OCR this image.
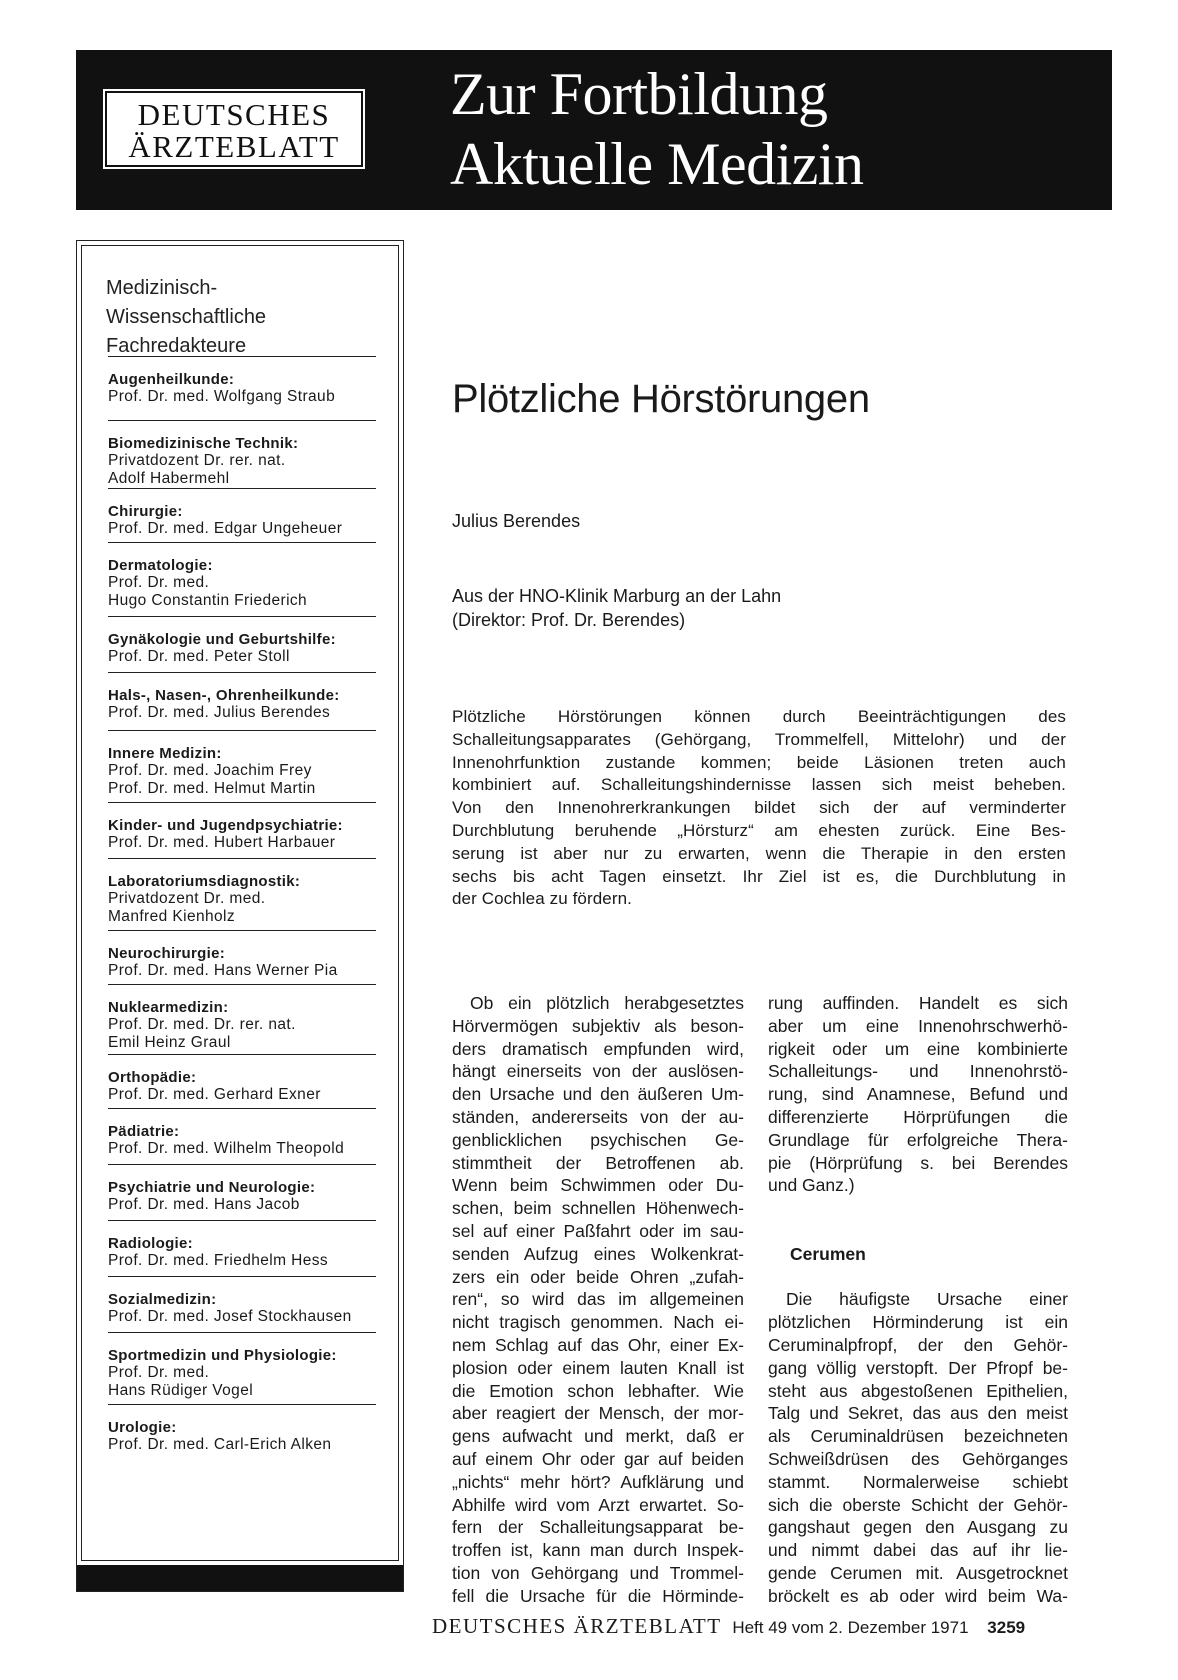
DEUTSCHES
ÄRZTEBLATT
Zur Fortbildung
Aktuelle Medizin
Medizinisch-
Wissenschaftliche
Fachredakteure
Augenheilkunde:
Prof. Dr. med. Wolfgang Straub
Biomedizinische Technik:
Privatdozent Dr. rer. nat.
Adolf Habermehl
Chirurgie:
Prof. Dr. med. Edgar Ungeheuer
Dermatologie:
Prof. Dr. med.
Hugo Constantin Friederich
Gynäkologie und Geburtshilfe:
Prof. Dr. med. Peter Stoll
Hals-, Nasen-, Ohrenheilkunde:
Prof. Dr. med. Julius Berendes
Innere Medizin:
Prof. Dr. med. Joachim Frey
Prof. Dr. med. Helmut Martin
Kinder- und Jugendpsychiatrie:
Prof. Dr. med. Hubert Harbauer
Laboratoriumsdiagnostik:
Privatdozent Dr. med.
Manfred Kienholz
Neurochirurgie:
Prof. Dr. med. Hans Werner Pia
Nuklearmedizin:
Prof. Dr. med. Dr. rer. nat.
Emil Heinz Graul
Orthopädie:
Prof. Dr. med. Gerhard Exner
Pädiatrie:
Prof. Dr. med. Wilhelm Theopold
Psychiatrie und Neurologie:
Prof. Dr. med. Hans Jacob
Radiologie:
Prof. Dr. med. Friedhelm Hess
Sozialmedizin:
Prof. Dr. med. Josef Stockhausen
Sportmedizin und Physiologie:
Prof. Dr. med.
Hans Rüdiger Vogel
Urologie:
Prof. Dr. med. Carl-Erich Alken
Plötzliche Hörstörungen
Julius Berendes
Aus der HNO-Klinik Marburg an der Lahn
(Direktor: Prof. Dr. Berendes)
Plötzliche Hörstörungen können durch Beeinträchtigungen des
Schalleitungsapparates (Gehörgang, Trommelfell, Mittelohr) und der
Innenohrfunktion zustande kommen; beide Läsionen treten auch
kombiniert auf. Schalleitungshindernisse lassen sich meist beheben.
Von den Innenohrerkrankungen bildet sich der auf verminderter
Durchblutung beruhende „Hörsturz“ am ehesten zurück. Eine Bes-
serung ist aber nur zu erwarten, wenn die Therapie in den ersten
sechs bis acht Tagen einsetzt. Ihr Ziel ist es, die Durchblutung in
der Cochlea zu fördern.
Ob ein plötzlich herabgesetztes
Hörvermögen subjektiv als beson-
ders dramatisch empfunden wird,
hängt einerseits von der auslösen-
den Ursache und den äußeren Um-
ständen, andererseits von der au-
genblicklichen psychischen Ge-
stimmtheit der Betroffenen ab.
Wenn beim Schwimmen oder Du-
schen, beim schnellen Höhenwech-
sel auf einer Paßfahrt oder im sau-
senden Aufzug eines Wolkenkrat-
zers ein oder beide Ohren „zufah-
ren“, so wird das im allgemeinen
nicht tragisch genommen. Nach ei-
nem Schlag auf das Ohr, einer Ex-
plosion oder einem lauten Knall ist
die Emotion schon lebhafter. Wie
aber reagiert der Mensch, der mor-
gens aufwacht und merkt, daß er
auf einem Ohr oder gar auf beiden
„nichts“ mehr hört? Aufklärung und
Abhilfe wird vom Arzt erwartet. So-
fern der Schalleitungsapparat be-
troffen ist, kann man durch Inspek-
tion von Gehörgang und Trommel-
fell die Ursache für die Hörminde-
rung auffinden. Handelt es sich
aber um eine Innenohrschwerhö-
rigkeit oder um eine kombinierte
Schalleitungs- und Innenohrstö-
rung, sind Anamnese, Befund und
differenzierte Hörprüfungen die
Grundlage für erfolgreiche Thera-
pie (Hörprüfung s. bei Berendes
und Ganz.)
Cerumen
Die häufigste Ursache einer
plötzlichen Hörminderung ist ein
Ceruminalpfropf, der den Gehör-
gang völlig verstopft. Der Pfropf be-
steht aus abgestoßenen Epithelien,
Talg und Sekret, das aus den meist
als Ceruminaldrüsen bezeichneten
Schweißdrüsen des Gehörganges
stammt. Normalerweise schiebt
sich die oberste Schicht der Gehör-
gangshaut gegen den Ausgang zu
und nimmt dabei das auf ihr lie-
gende Cerumen mit. Ausgetrocknet
bröckelt es ab oder wird beim Wa-
DEUTSCHES ÄRZTEBLATT Heft 49 vom 2. Dezember 1971 3259
